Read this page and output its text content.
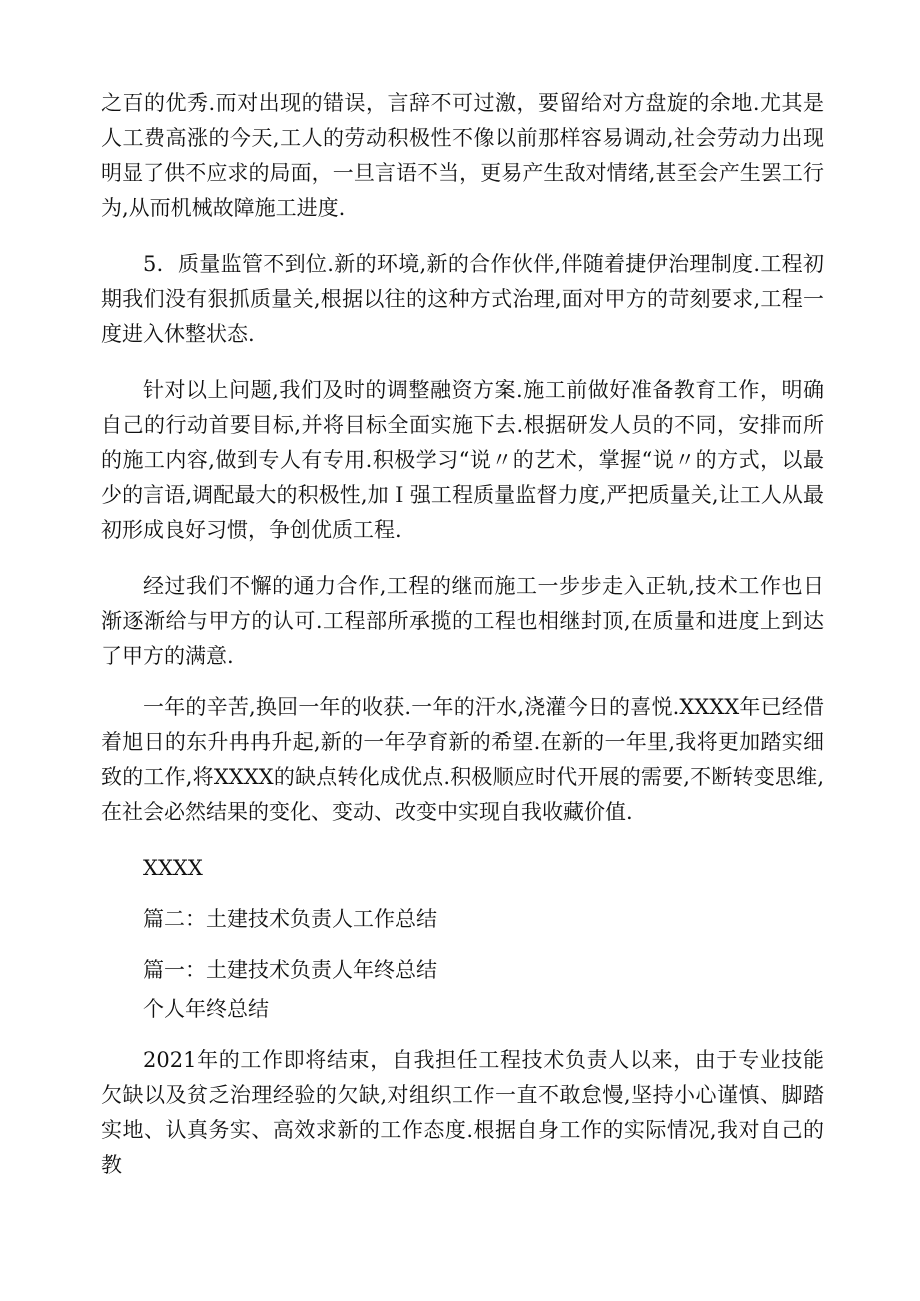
之百的优秀.而对出现的错误，言辞不可过激，要留给对方盘旋的余地.尤其是人工费高涨的今天,工人的劳动积极性不像以前那样容易调动,社会劳动力出现明显了供不应求的局面，一旦言语不当，更易产生敌对情绪,甚至会产生罢工行为,从而机械故障施工进度.

5．质量监管不到位.新的环境,新的合作伙伴,伴随着捷伊治理制度.工程初期我们没有狠抓质量关,根据以往的这种方式治理,面对甲方的苛刻要求,工程一度进入休整状态.

针对以上问题,我们及时的调整融资方案.施工前做好准备教育工作，明确自己的行动首要目标,并将目标全面实施下去.根据研发人员的不同，安排而所的施工内容,做到专人有专用.积极学习“说〃的艺术，掌握“说〃的方式，以最少的言语,调配最大的积极性,加Ｉ强工程质量监督力度,严把质量关,让工人从最初形成良好习惯，争创优质工程.

经过我们不懈的通力合作,工程的继而施工一步步走入正轨,技术工作也日渐逐渐给与甲方的认可.工程部所承揽的工程也相继封顶,在质量和进度上到达了甲方的满意.

一年的辛苦,换回一年的收获.一年的汗水,浇灌今日的喜悦.XXXX年已经借着旭日的东升冉冉升起,新的一年孕育新的希望.在新的一年里,我将更加踏实细致的工作,将XXXX的缺点转化成优点.积极顺应时代开展的需要,不断转变思维,在社会必然结果的变化、变动、改变中实现自我收藏价值.

XXXX

篇二：土建技术负责人工作总结

篇一：土建技术负责人年终总结

个人年终总结

2021年的工作即将结束，自我担任工程技术负责人以来，由于专业技能欠缺以及贫乏治理经验的欠缺,对组织工作一直不敢怠慢,坚持小心谨慎、脚踏实地、认真务实、高效求新的工作态度.根据自身工作的实际情况,我对自己的教
